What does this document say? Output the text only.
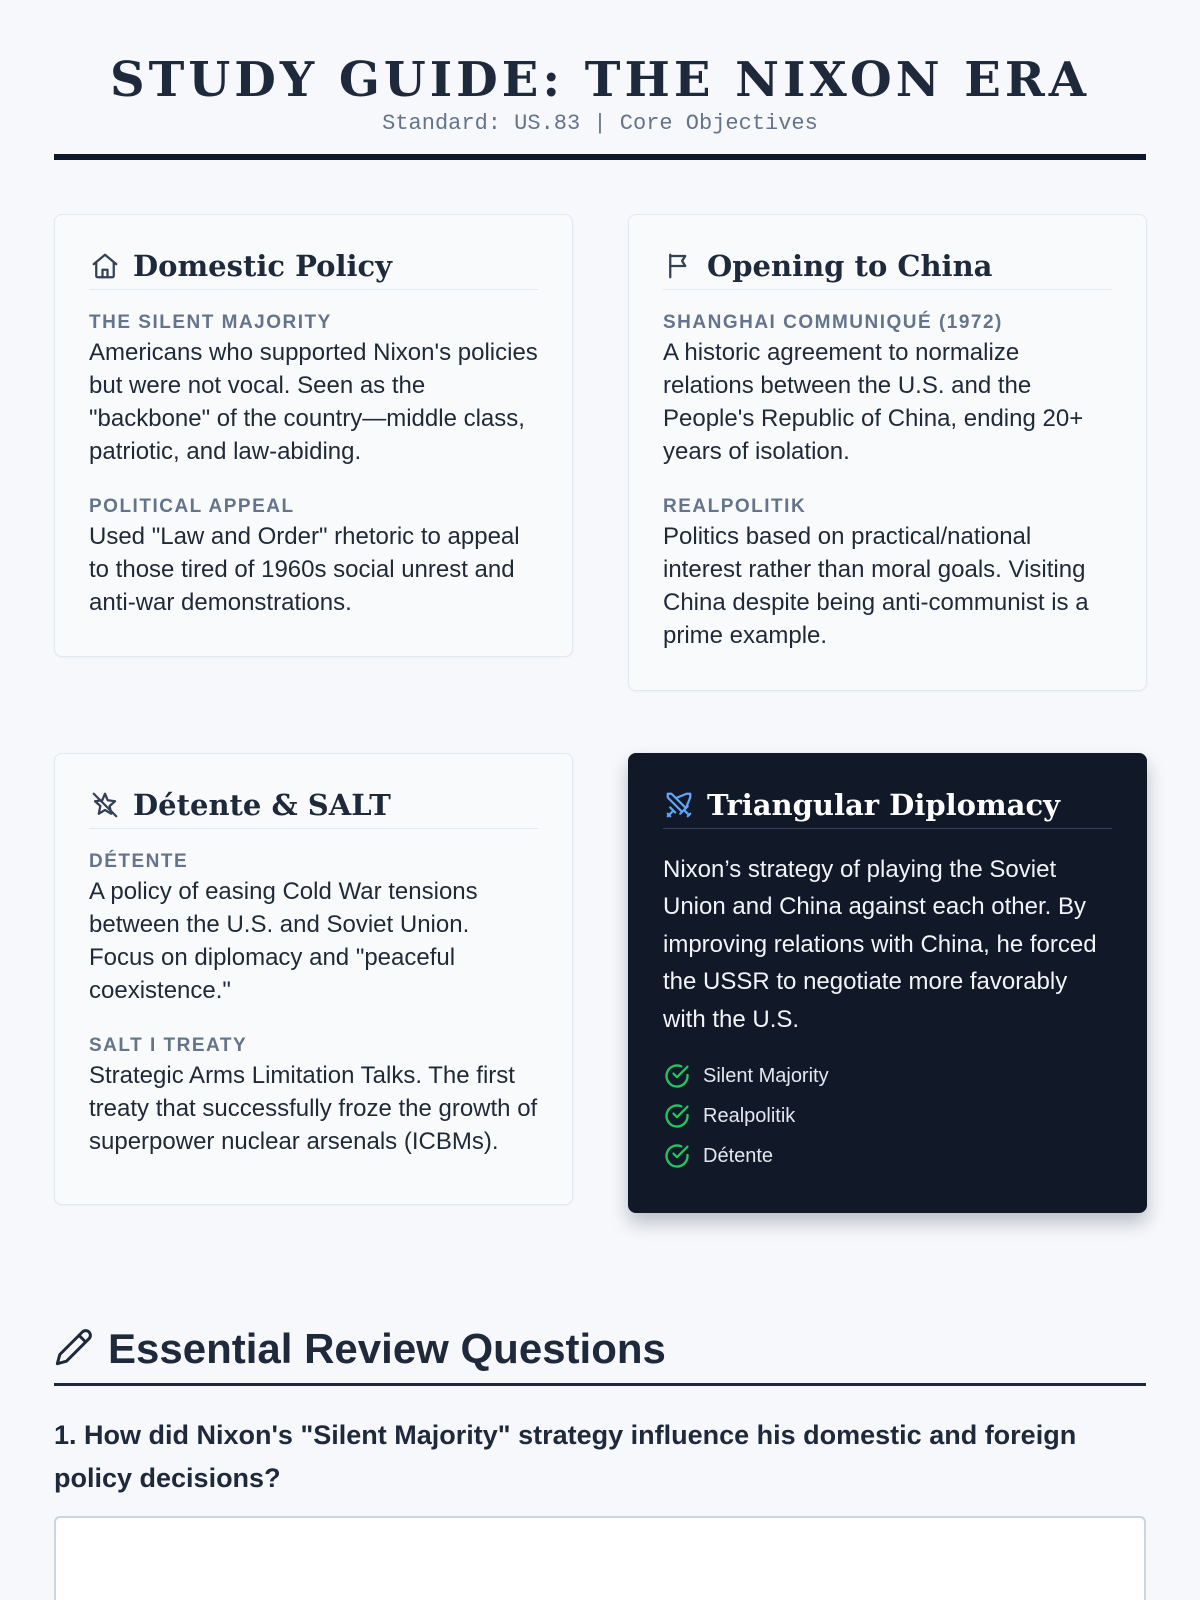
STUDY GUIDE: THE NIXON ERA
Standard: US.83 | Core Objectives
Domestic Policy
THE SILENT MAJORITY

Americans who supported Nixon's policies but were not vocal. Seen as the "backbone" of the country—middle class, patriotic, and law-abiding.

POLITICAL APPEAL

Used "Law and Order" rhetoric to appeal to those tired of 1960s social unrest and anti-war demonstrations.

Opening to China
SHANGHAI COMMUNIQUÉ (1972)

A historic agreement to normalize relations between the U.S. and the People's Republic of China, ending 20+ years of isolation.

REALPOLITIK

Politics based on practical/national interest rather than moral goals. Visiting China despite being anti-communist is a prime example.

Détente & SALT
DÉTENTE

A policy of easing Cold War tensions between the U.S. and Soviet Union. Focus on diplomacy and "peaceful coexistence."

SALT I TREATY

Strategic Arms Limitation Talks. The first treaty that successfully froze the growth of superpower nuclear arsenals (ICBMs).

Triangular Diplomacy

Nixon’s strategy of playing the Soviet Union and China against each other. By improving relations with China, he forced the USSR to negotiate more favorably with the U.S.

Silent Majority
Realpolitik
Détente
Essential Review Questions

1. How did Nixon's "Silent Majority" strategy influence his domestic and foreign policy decisions?
